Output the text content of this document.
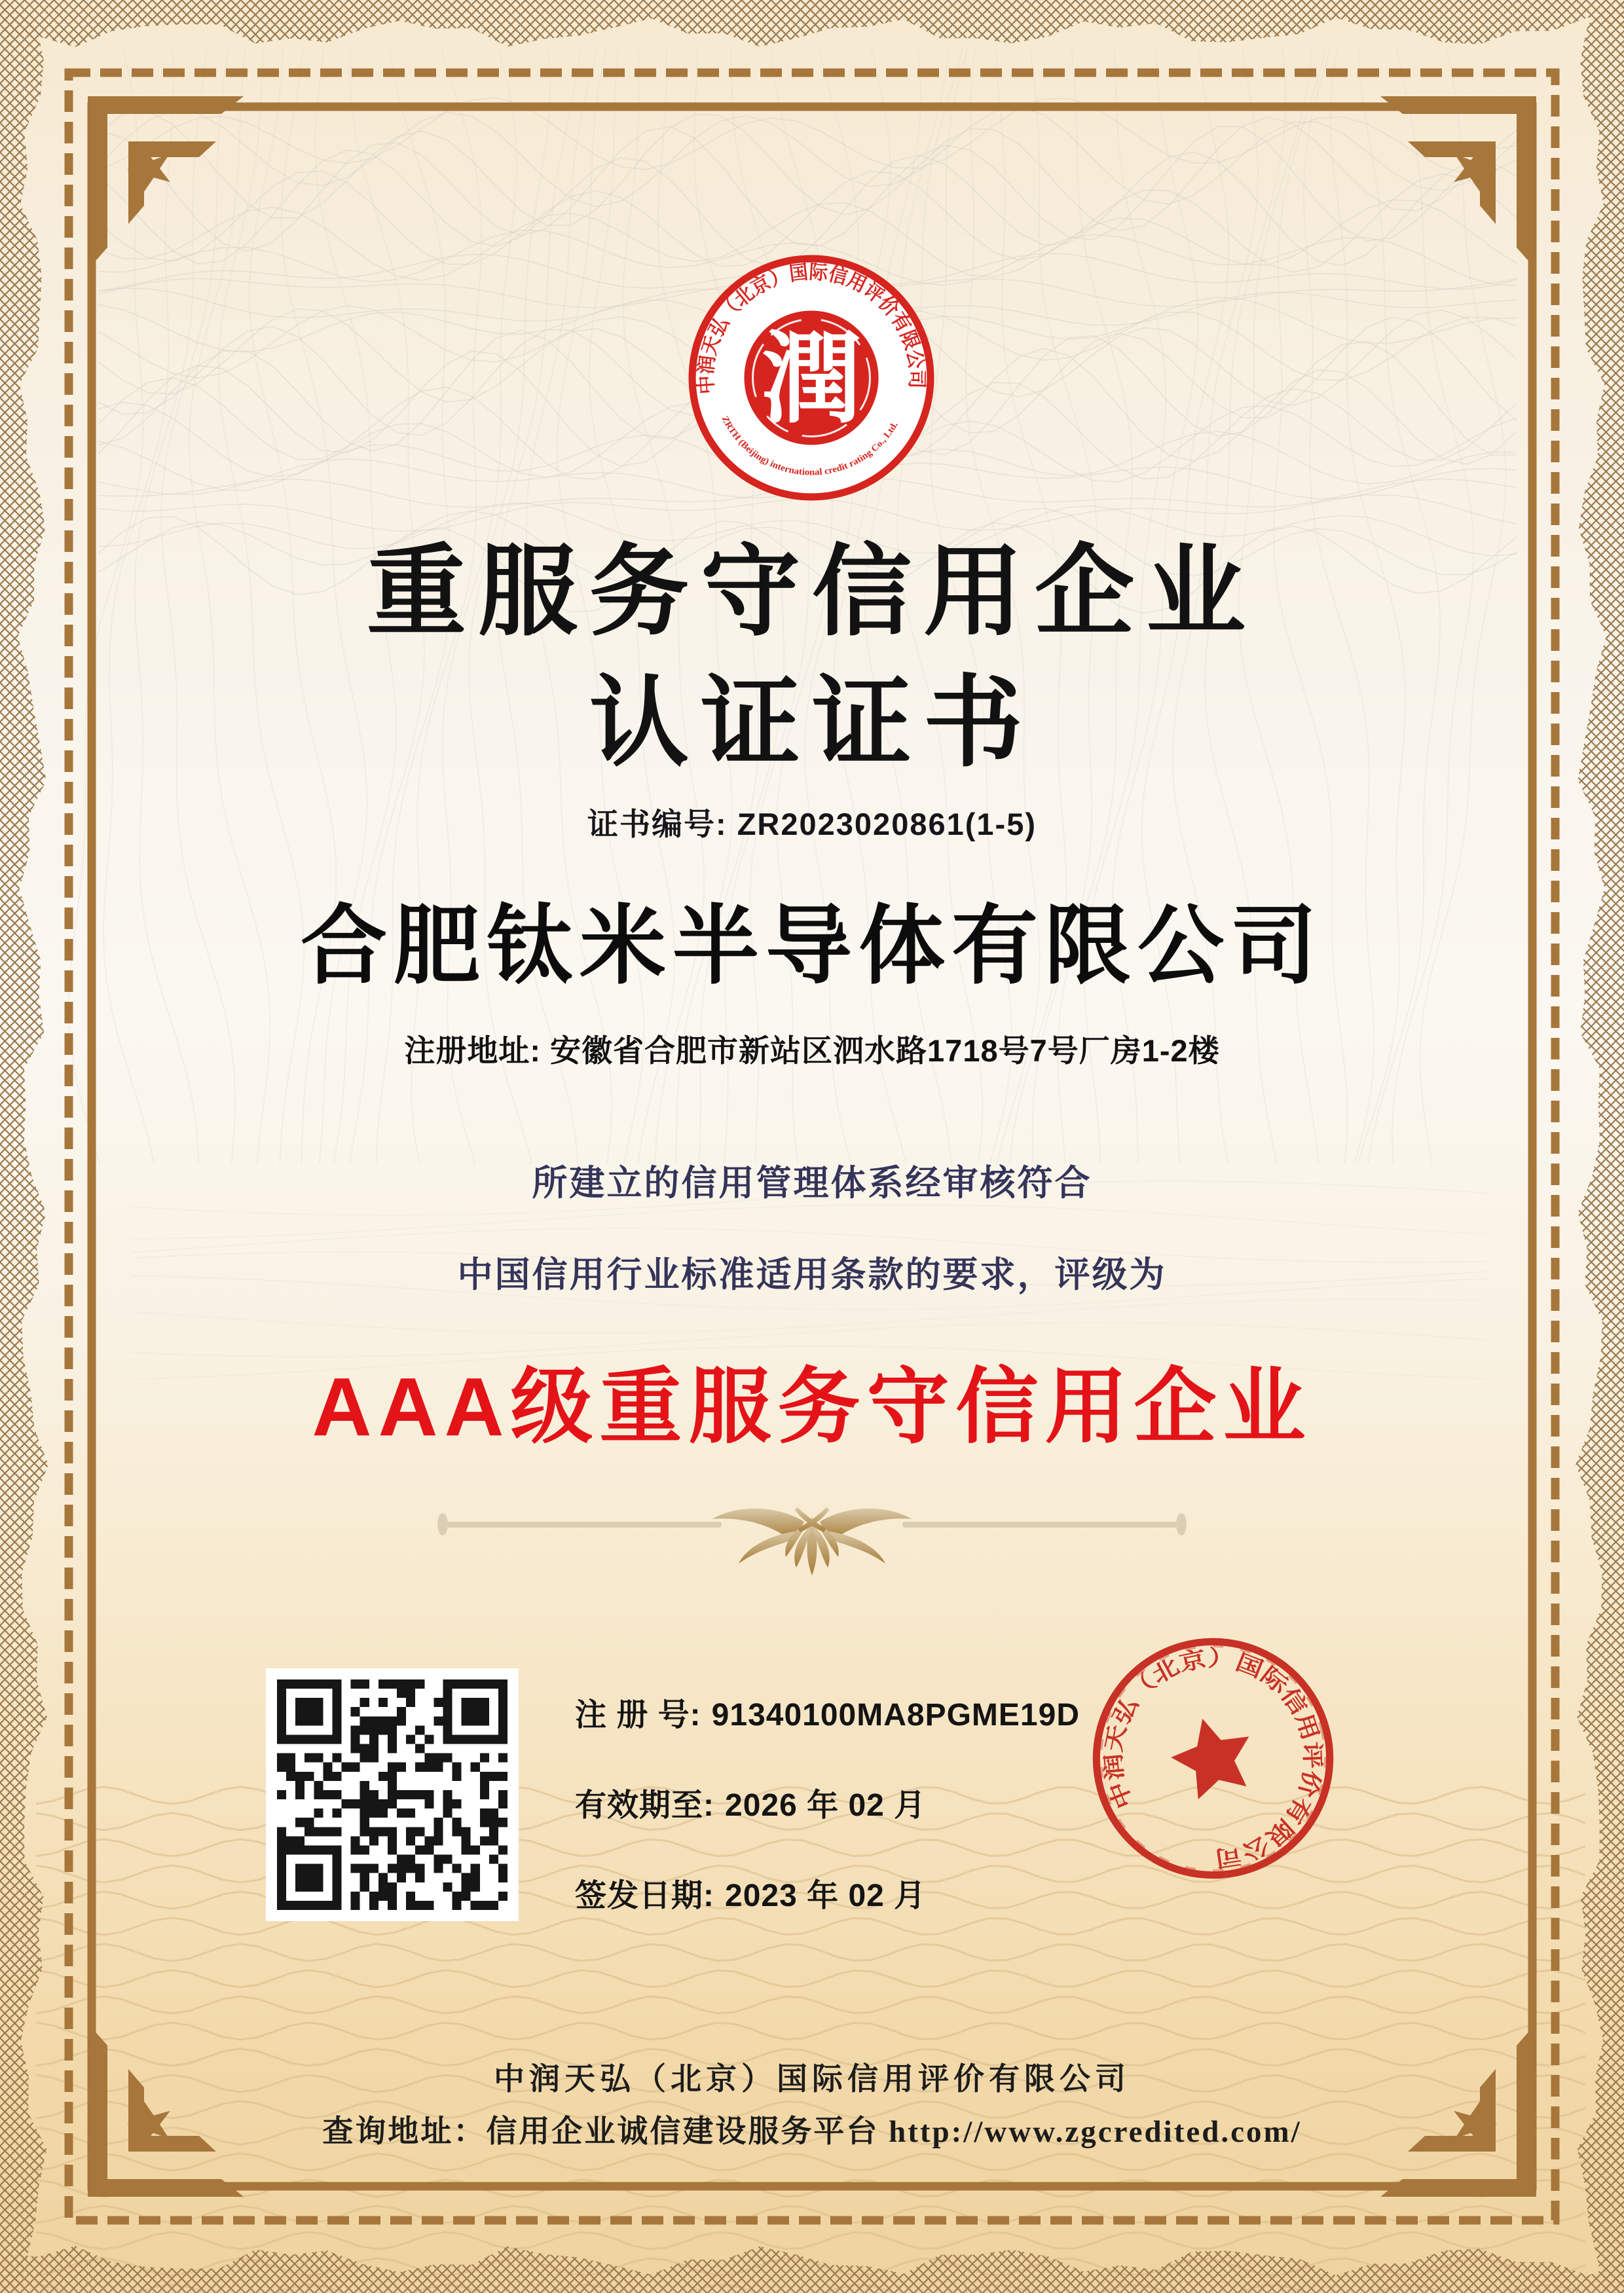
中润天弘（北京）国际信用评价有限公司
ZRTH (Beijing) international credit rating Co., Ltd.
潤
重服务守信用企业
认证证书
证书编号: ZR2023020861(1-5)
合肥钛米半导体有限公司
注册地址: 安徽省合肥市新站区泗水路1718号7号厂房1-2楼
所建立的信用管理体系经审核符合
中国信用行业标准适用条款的要求，评级为
AAA级重服务守信用企业
注 册 号: 91340100MA8PGME19D
有效期至: 2026 年 02 月
签发日期: 2023 年 02 月
中润天弘（北京）国际信用评价有限公司
中润天弘（北京）国际信用评价有限公司
查询地址：信用企业诚信建设服务平台 http://www.zgcredited.com/
